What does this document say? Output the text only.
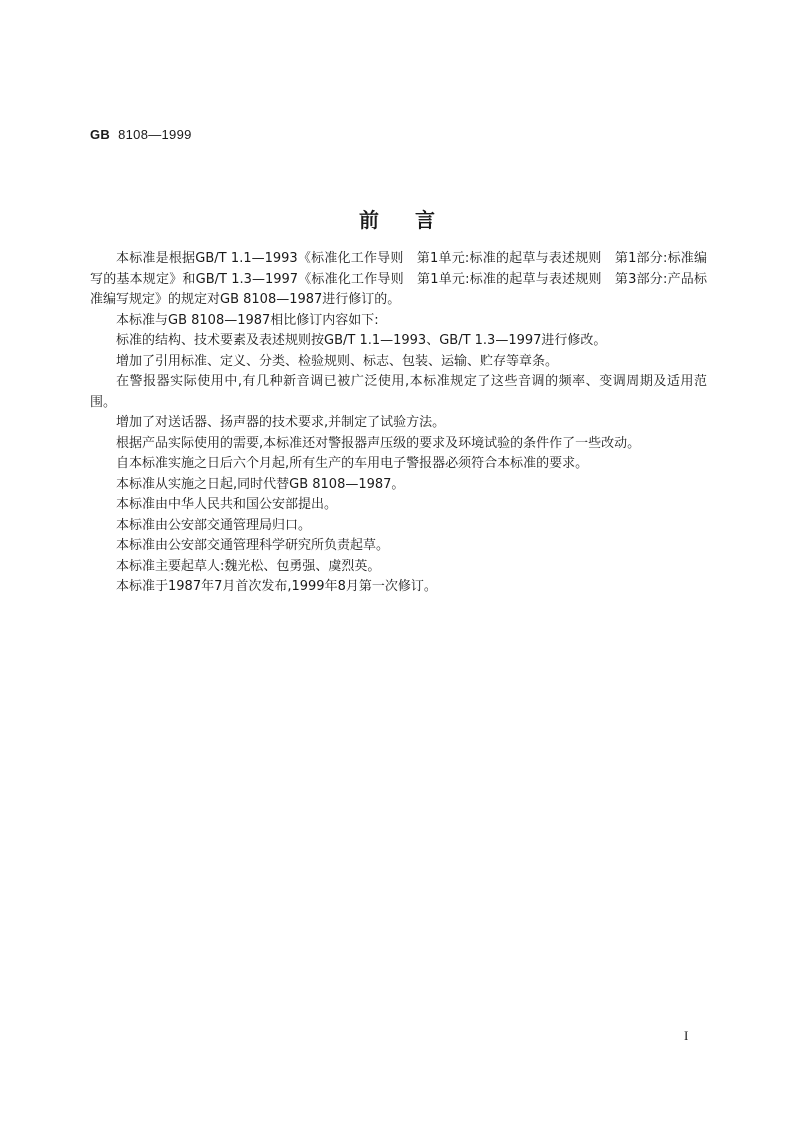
GB 8108—1999
前言

本标准是根据GB/T 1.1—1993《标准化工作导则　第1单元:标准的起草与表述规则　第1部分:标准编写的基本规定》和GB/T 1.3—1997《标准化工作导则　第1单元:标准的起草与表述规则　第3部分:产品标准编写规定》的规定对GB 8108—1987进行修订的。

本标准与GB 8108—1987相比修订内容如下:

标准的结构、技术要素及表述规则按GB/T 1.1—1993、GB/T 1.3—1997进行修改。

增加了引用标准、定义、分类、检验规则、标志、包装、运输、贮存等章条。

在警报器实际使用中,有几种新音调已被广泛使用,本标准规定了这些音调的频率、变调周期及适用范围。

增加了对送话器、扬声器的技术要求,并制定了试验方法。

根据产品实际使用的需要,本标准还对警报器声压级的要求及环境试验的条件作了一些改动。

自本标准实施之日后六个月起,所有生产的车用电子警报器必须符合本标准的要求。

本标准从实施之日起,同时代替GB 8108—1987。

本标准由中华人民共和国公安部提出。

本标准由公安部交通管理局归口。

本标准由公安部交通管理科学研究所负责起草。

本标准主要起草人:魏光松、包勇强、虞烈英。

本标准于1987年7月首次发布,1999年8月第一次修订。

I
